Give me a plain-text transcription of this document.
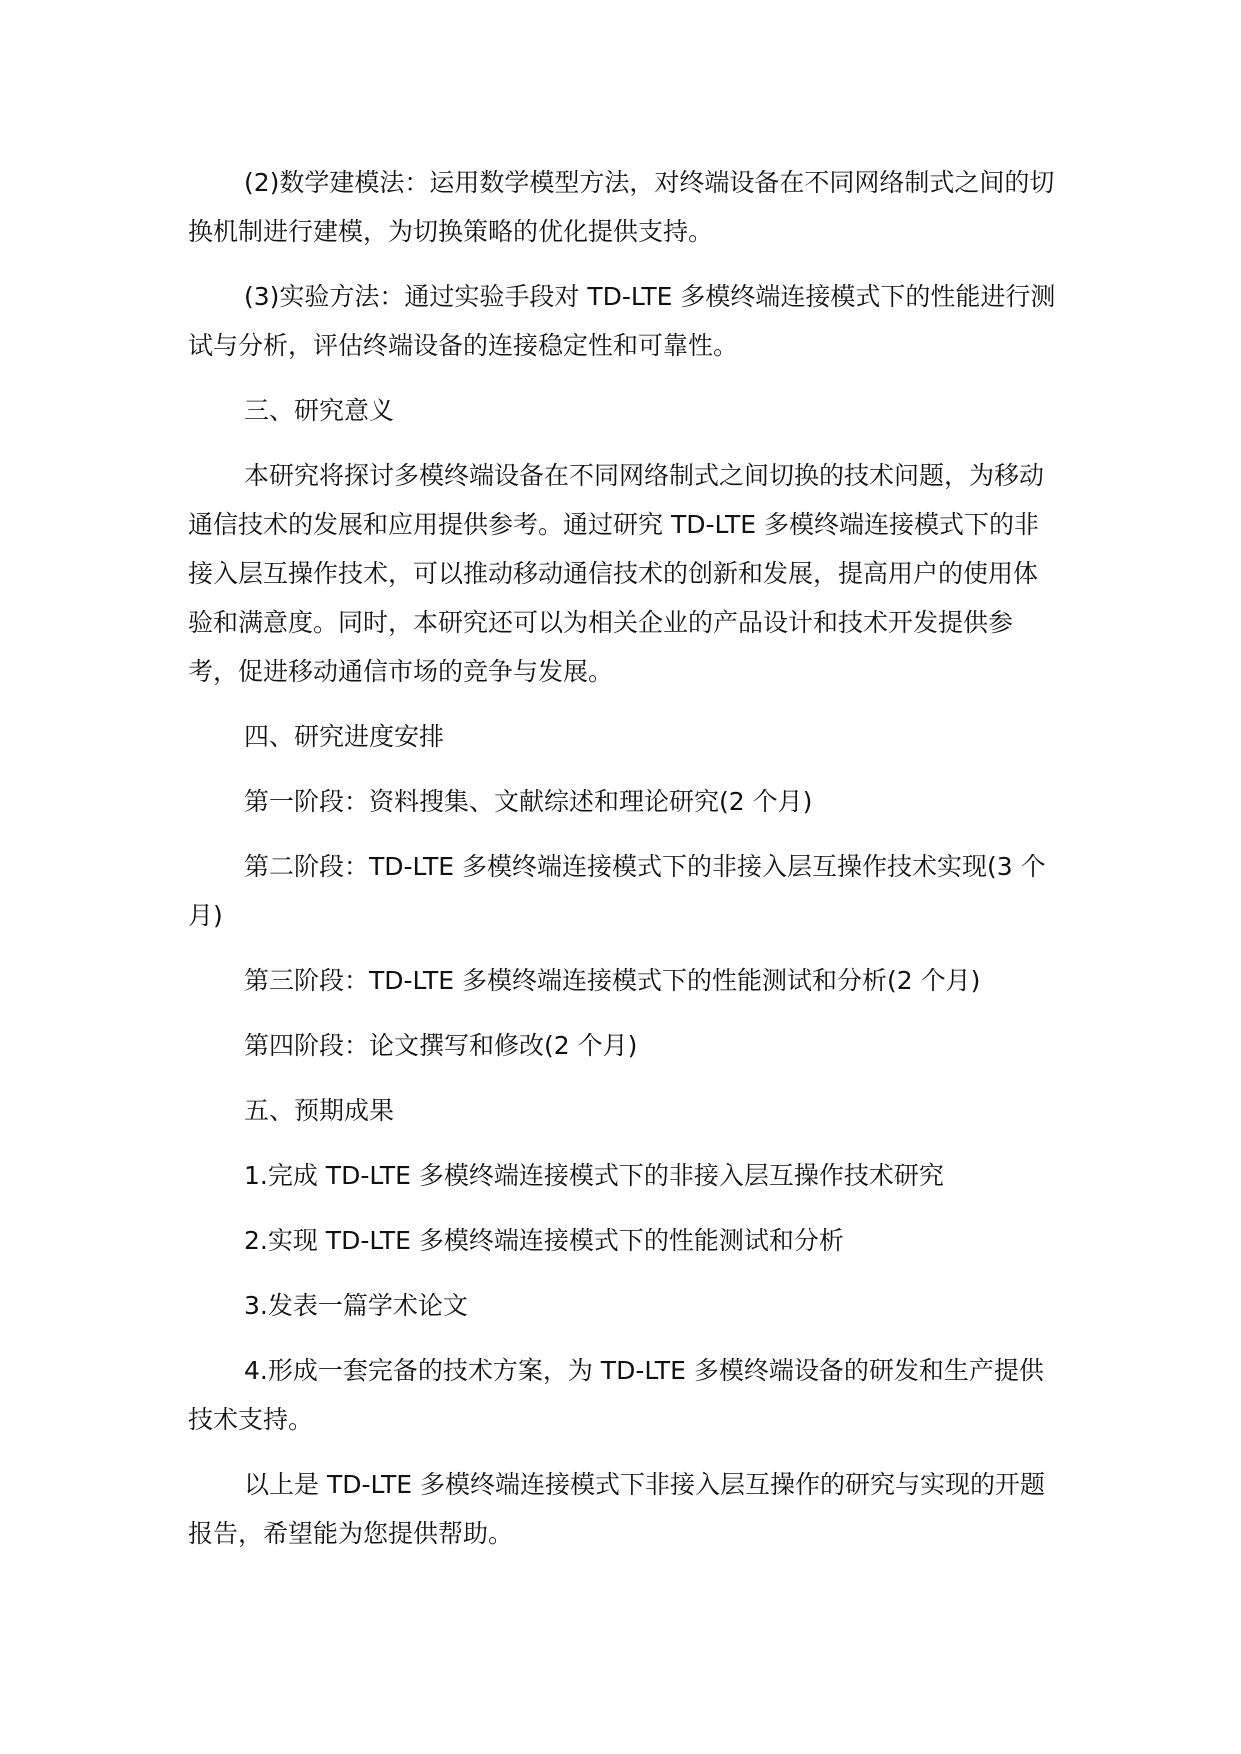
(2)数学建模法：运用数学模型方法，对终端设备在不同网络制式之间的切换机制进行建模，为切换策略的优化提供支持。

(3)实验方法：通过实验手段对 TD-LTE 多模终端连接模式下的性能进行测试与分析，评估终端设备的连接稳定性和可靠性。

三、研究意义

本研究将探讨多模终端设备在不同网络制式之间切换的技术问题，为移动通信技术的发展和应用提供参考。通过研究 TD-LTE 多模终端连接模式下的非接入层互操作技术，可以推动移动通信技术的创新和发展，提高用户的使用体验和满意度。同时，本研究还可以为相关企业的产品设计和技术开发提供参考，促进移动通信市场的竞争与发展。

四、研究进度安排

第一阶段：资料搜集、文献综述和理论研究(2 个月)

第二阶段：TD-LTE 多模终端连接模式下的非接入层互操作技术实现(3 个月)

第三阶段：TD-LTE 多模终端连接模式下的性能测试和分析(2 个月)

第四阶段：论文撰写和修改(2 个月)

五、预期成果

1.完成 TD-LTE 多模终端连接模式下的非接入层互操作技术研究

2.实现 TD-LTE 多模终端连接模式下的性能测试和分析

3.发表一篇学术论文

4.形成一套完备的技术方案，为 TD-LTE 多模终端设备的研发和生产提供技术支持。

以上是 TD-LTE 多模终端连接模式下非接入层互操作的研究与实现的开题报告，希望能为您提供帮助。
